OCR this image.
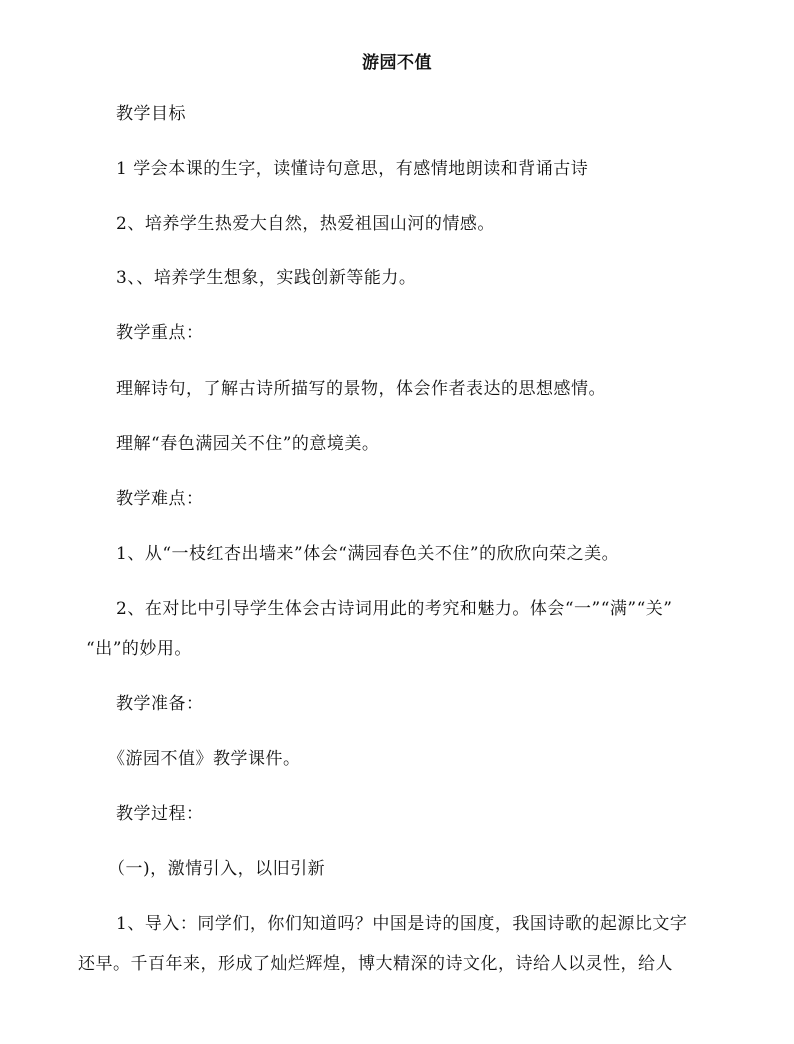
游园不值
教学目标
1 学会本课的生字，读懂诗句意思，有感情地朗读和背诵古诗
2、培养学生热爱大自然，热爱祖国山河的情感。
3、、培养学生想象，实践创新等能力。
教学重点：
理解诗句，了解古诗所描写的景物，体会作者表达的思想感情。
理解“春色满园关不住”的意境美。
教学难点：
1、从“一枝红杏出墙来”体会“满园春色关不住”的欣欣向荣之美。
2、在对比中引导学生体会古诗词用此的考究和魅力。体会“一”“满”“关”
“出”的妙用。
教学准备：
《游园不值》教学课件。
教学过程：
（一)，激情引入，以旧引新
1、导入：同学们，你们知道吗？中国是诗的国度，我国诗歌的起源比文字
还早。千百年来，形成了灿烂辉煌，博大精深的诗文化，诗给人以灵性，给人
